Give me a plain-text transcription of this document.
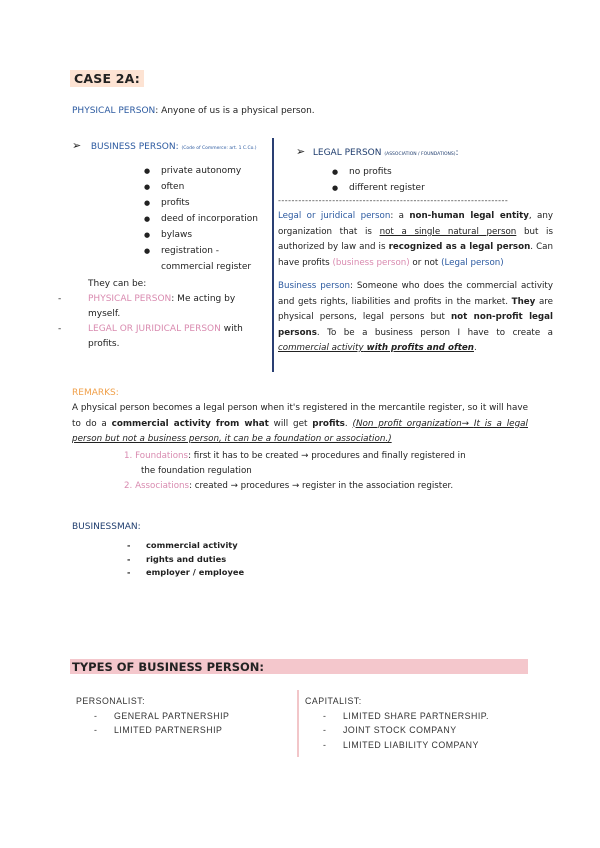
CASE 2A:
PHYSICAL PERSON: Anyone of us is a physical person.
➢ BUSINESS PERSON: (Code of Commerce: art. 1 C.Co.)
● private autonomy
● often
● profits
● deed of incorporation
● bylaws
● registration -
commercial register
They can be:
- PHYSICAL PERSON: Me acting by myself.
- LEGAL OR JURIDICAL PERSON with profits.
➢ LEGAL PERSON (ASSOCIATION / FOUNDATIONS):
● no profits
● different register
--------------------------------------------------------------------
Legal or juridical person: a non-human legal entity, any organization that is not a single natural person but is authorized by law and is recognized as a legal person. Can have profits (business person) or not (Legal person)
Business person: Someone who does the commercial activity and gets rights, liabilities and profits in the market. They are physical persons, legal persons but not non-profit legal persons. To be a business person I have to create a commercial activity with profits and often.
REMARKS:
A physical person becomes a legal person when it's registered in the mercantile register, so it will have to do a commercial activity from what will get profits. (Non profit organization→ It is a legal person but not a business person, it can be a foundation or association.)
1. Foundations: first it has to be created → procedures and finally registered in
the foundation regulation
2. Associations: created → procedures → register in the association register.
BUSINESSMAN:
- commercial activity
- rights and duties
- employer / employee
TYPES OF BUSINESS PERSON:
PERSONALIST:
- GENERAL PARTNERSHIP
- LIMITED PARTNERSHIP
CAPITALIST:
- LIMITED SHARE PARTNERSHIP.
- JOINT STOCK COMPANY
- LIMITED LIABILITY COMPANY
